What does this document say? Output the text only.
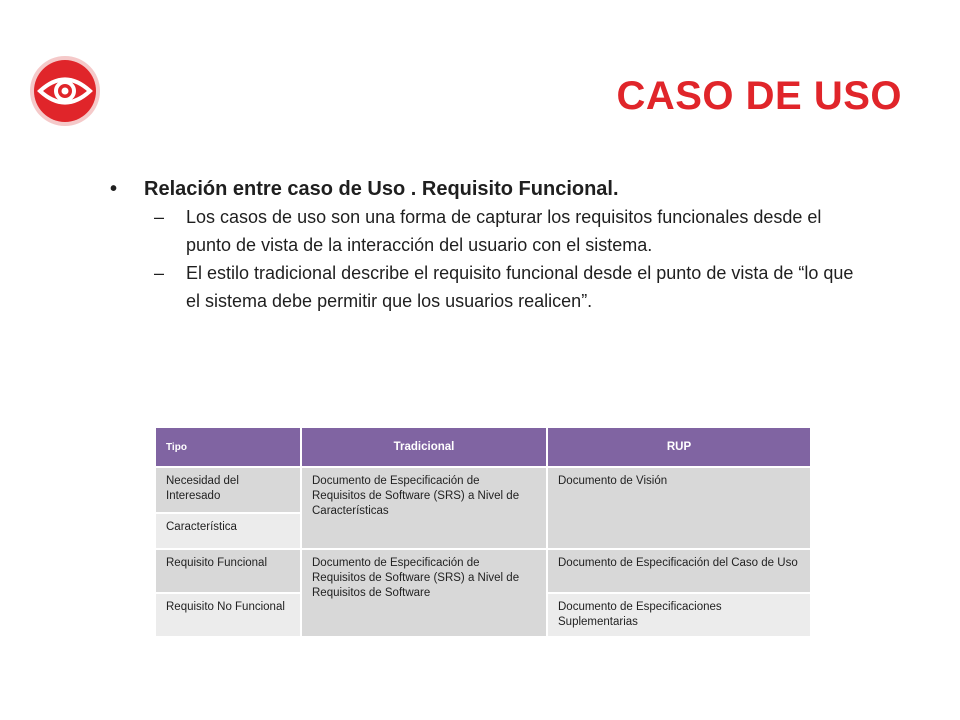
CASO DE USO
•	Relación entre caso de Uso . Requisito Funcional.
–	Los casos de uso son una forma de capturar los requisitos funcionales desde el punto de vista de la interacción del usuario con el sistema.
–	El estilo tradicional describe el requisito funcional desde el punto de vista de “lo que el sistema debe permitir que los usuarios realicen”.
Tipo	Tradicional	RUP
Necesidad del Interesado	Documento de Especificación de Requisitos de Software (SRS) a Nivel de Características	Documento de Visión
Característica		
Requisito Funcional	Documento de Especificación de Requisitos de Software (SRS) a Nivel de Requisitos de Software	Documento de Especificación del Caso de Uso
Requisito No Funcional		Documento de Especificaciones Suplementarias
